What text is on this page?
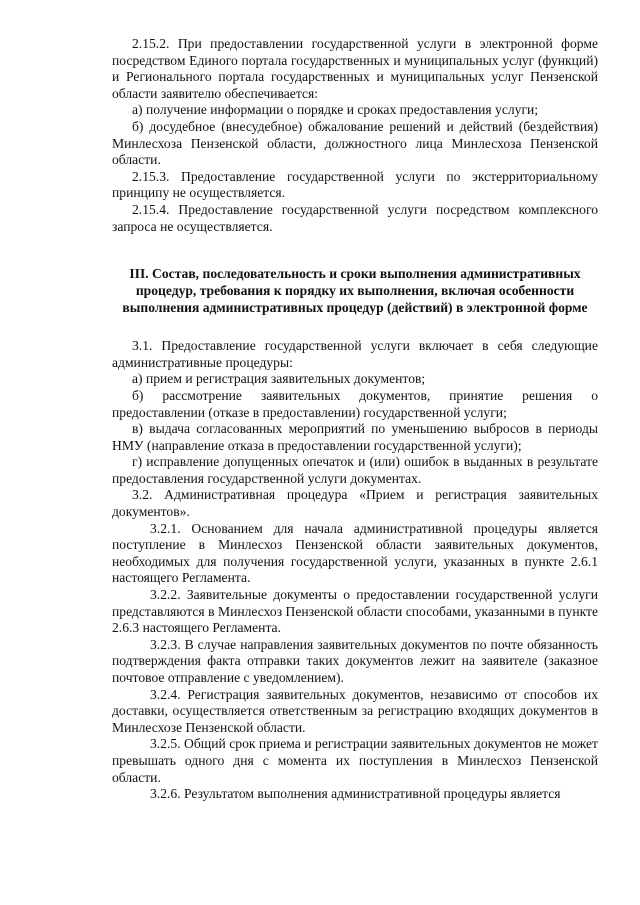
2.15.2. При предоставлении государственной услуги в электронной форме посредством Единого портала государственных и муниципальных услуг (функций) и Регионального портала государственных и муниципальных услуг Пензенской области заявителю обеспечивается:

а) получение информации о порядке и сроках предоставления услуги;

б) досудебное (внесудебное) обжалование решений и действий (бездействия) Минлесхоза Пензенской области, должностного лица Минлесхоза Пензенской области.

2.15.3. Предоставление государственной услуги по экстерриториальному принципу не осуществляется.

2.15.4. Предоставление государственной услуги посредством комплексного запроса не осуществляется.

III. Состав, последовательность и сроки выполнения административных процедур, требования к порядку их выполнения, включая особенности выполнения административных процедур (действий) в электронной форме

3.1. Предоставление государственной услуги включает в себя следующие административные процедуры:

а) прием и регистрация заявительных документов;

б) рассмотрение заявительных документов, принятие решения о предоставлении (отказе в предоставлении) государственной услуги;

в) выдача согласованных мероприятий по уменьшению выбросов в периоды НМУ (направление отказа в предоставлении государственной услуги);

г) исправление допущенных опечаток и (или) ошибок в выданных в результате предоставления государственной услуги документах.

3.2. Административная процедура «Прием и регистрация заявительных документов».

3.2.1. Основанием для начала административной процедуры является поступление в Минлесхоз Пензенской области заявительных документов, необходимых для получения государственной услуги, указанных в пункте 2.6.1 настоящего Регламента.

3.2.2. Заявительные документы о предоставлении государственной услуги представляются в Минлесхоз Пензенской области способами, указанными в пункте 2.6.3 настоящего Регламента.

3.2.3. В случае направления заявительных документов по почте обязанность подтверждения факта отправки таких документов лежит на заявителе (заказное почтовое отправление с уведомлением).

3.2.4. Регистрация заявительных документов, независимо от способов их доставки, осуществляется ответственным за регистрацию входящих документов в Минлесхозе Пензенской области.

3.2.5. Общий срок приема и регистрации заявительных документов не может превышать одного дня с момента их поступления в Минлесхоз Пензенской области.

3.2.6. Результатом выполнения административной процедуры является
